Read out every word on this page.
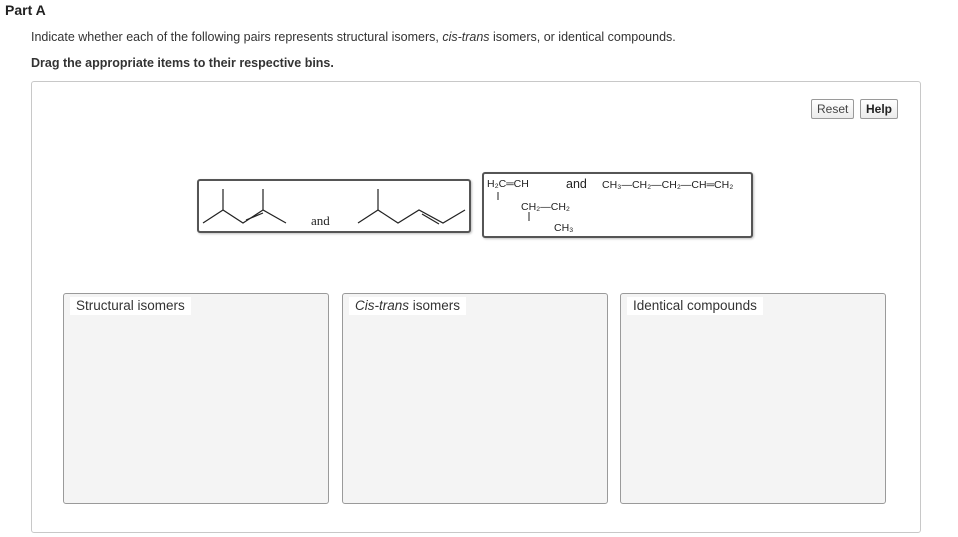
Part A
Indicate whether each of the following pairs represents structural isomers, cis-trans isomers, or identical compounds.
Drag the appropriate items to their respective bins.
Reset	Help
and
H₂C═CH
CH₂—CH₂
CH₃
and CH₃—CH₂—CH₂—CH═CH₂
Structural isomers	Cis-trans isomers	Identical compounds
